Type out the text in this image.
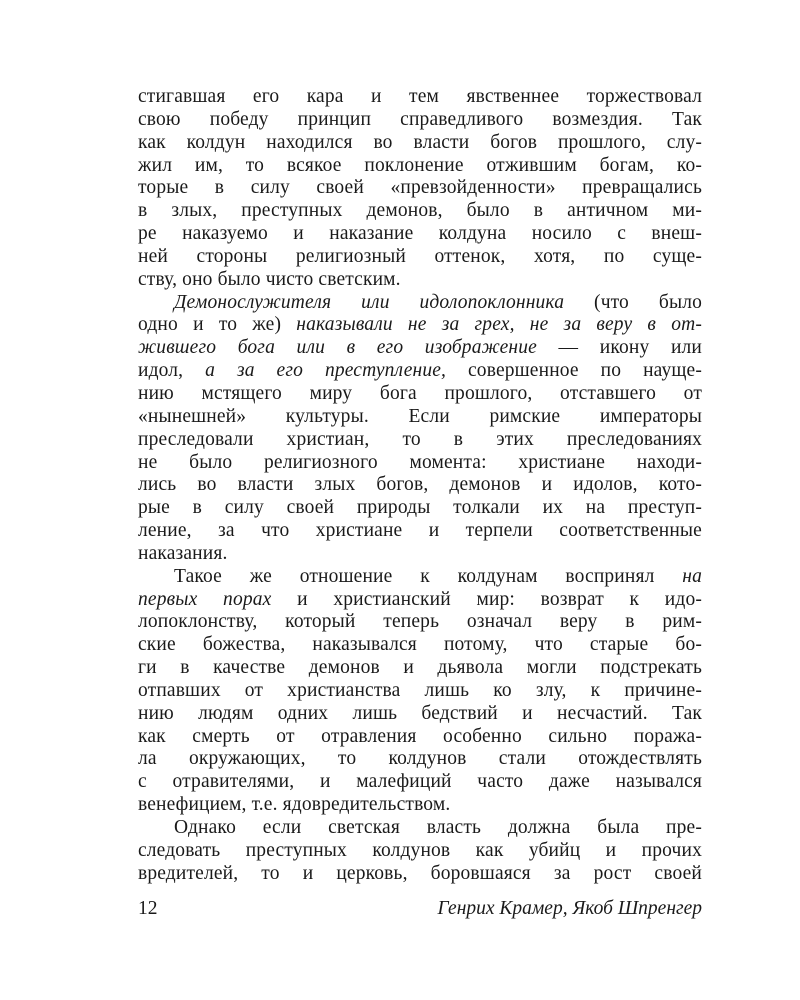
стигавшая его кара и тем явственнее торжествовал
свою победу принцип справедливого возмездия. Так
как колдун находился во власти богов прошлого, слу-
жил им, то всякое поклонение отжившим богам, ко-
торые в силу своей «превзойденности» превращались
в злых, преступных демонов, было в античном ми-
ре наказуемо и наказание колдуна носило с внеш-
ней стороны религиозный оттенок, хотя, по суще-
ству, оно было чисто светским.
Демонослужителя или идолопоклонника (что было
одно и то же) наказывали не за грех, не за веру в от-
жившего бога или в его изображение — икону или
идол, а за его преступление, совершенное по наущe-
нию мстящего миру бога прошлого, отставшего от
«нынешней» культуры. Если римские императоры
преследовали христиан, то в этих преследованиях
не было религиозного момента: христиане находи-
лись во власти злых богов, демонов и идолов, кото-
рые в силу своей природы толкали их на преступ-
ление, за что христиане и терпели соответственные
наказания.
Такое же отношение к колдунам воспринял на
первых порах и христианский мир: возврат к идо-
лопоклонству, который теперь означал веру в рим-
ские божества, наказывался потому, что старые бо-
ги в качестве демонов и дьявола могли подстрекать
отпавших от христианства лишь ко злу, к причине-
нию людям одних лишь бедствий и несчастий. Так
как смерть от отравления особенно сильно поража-
ла окружающих, то колдунов стали отождествлять
с отравителями, и малефиций часто даже назывался
венефицием, т.е. ядовредительством.
Однако если светская власть должна была пре-
следовать преступных колдунов как убийц и прочих
вредителей, то и церковь, боровшаяся за рост своей
12	Генрих Крамер, Якоб Шпренгер
